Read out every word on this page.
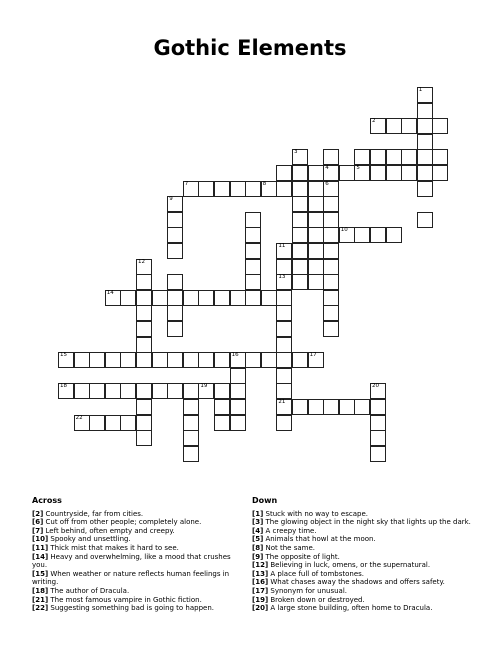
Gothic Elements
1
2
3
4
6
5
7	8
9
10
11
12
13
14
15	16	17
18	19	20
21
22
Across
[2] Countryside, far from cities.
[6] Cut off from other people; completely alone.
[7] Left behind, often empty and creepy.
[10] Spooky and unsettling.
[11] Thick mist that makes it hard to see.
[14] Heavy and overwhelming, like a mood that crushes you.
[15] When weather or nature reflects human feelings in writing.
[18] The author of Dracula.
[21] The most famous vampire in Gothic fiction.
[22] Suggesting something bad is going to happen.
Down
[1] Stuck with no way to escape.
[3] The glowing object in the night sky that lights up the dark.
[4] A creepy time.
[5] Animals that howl at the moon.
[8] Not the same.
[9] The opposite of light.
[12] Believing in luck, omens, or the supernatural.
[13] A place full of tombstones.
[16] What chases away the shadows and offers safety.
[17] Synonym for unusual.
[19] Broken down or destroyed.
[20] A large stone building, often home to Dracula.
